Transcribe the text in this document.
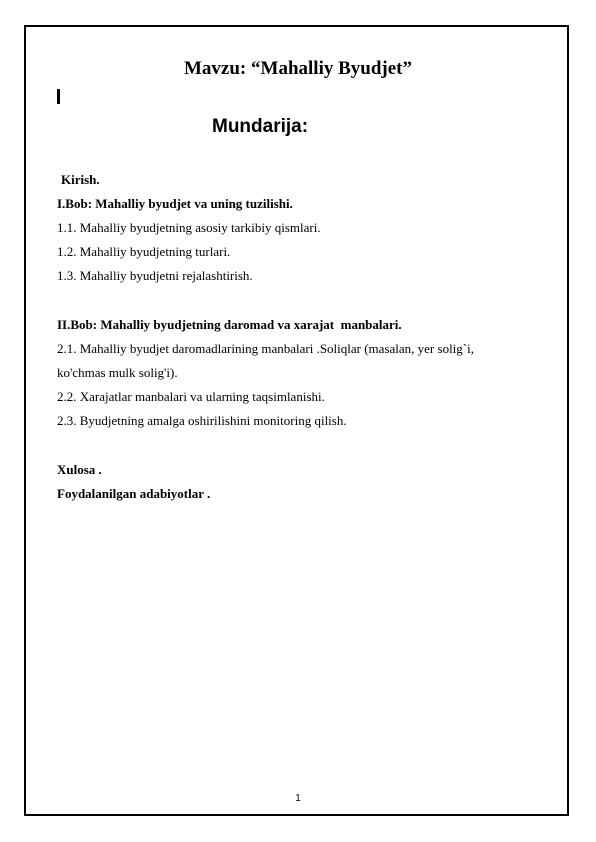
Mavzu: “Mahalliy Byudjet”
Mundarija:
Kirish.
I.Bob: Mahalliy byudjet va uning tuzilishi.
1.1. Mahalliy byudjetning asosiy tarkibiy qismlari.
1.2. Mahalliy byudjetning turlari.
1.3. Mahalliy byudjetni rejalashtirish.
II.Bob: Mahalliy byudjetning daromad va xarajat  manbalari.
2.1. Mahalliy byudjet daromadlarining manbalari .Soliqlar (masalan, yer solig`i,
ko'chmas mulk solig'i).
2.2. Xarajatlar manbalari va ularning taqsimlanishi.
2.3. Byudjetning amalga oshirilishini monitoring qilish.
Xulosa .
Foydalanilgan adabiyotlar .
1
